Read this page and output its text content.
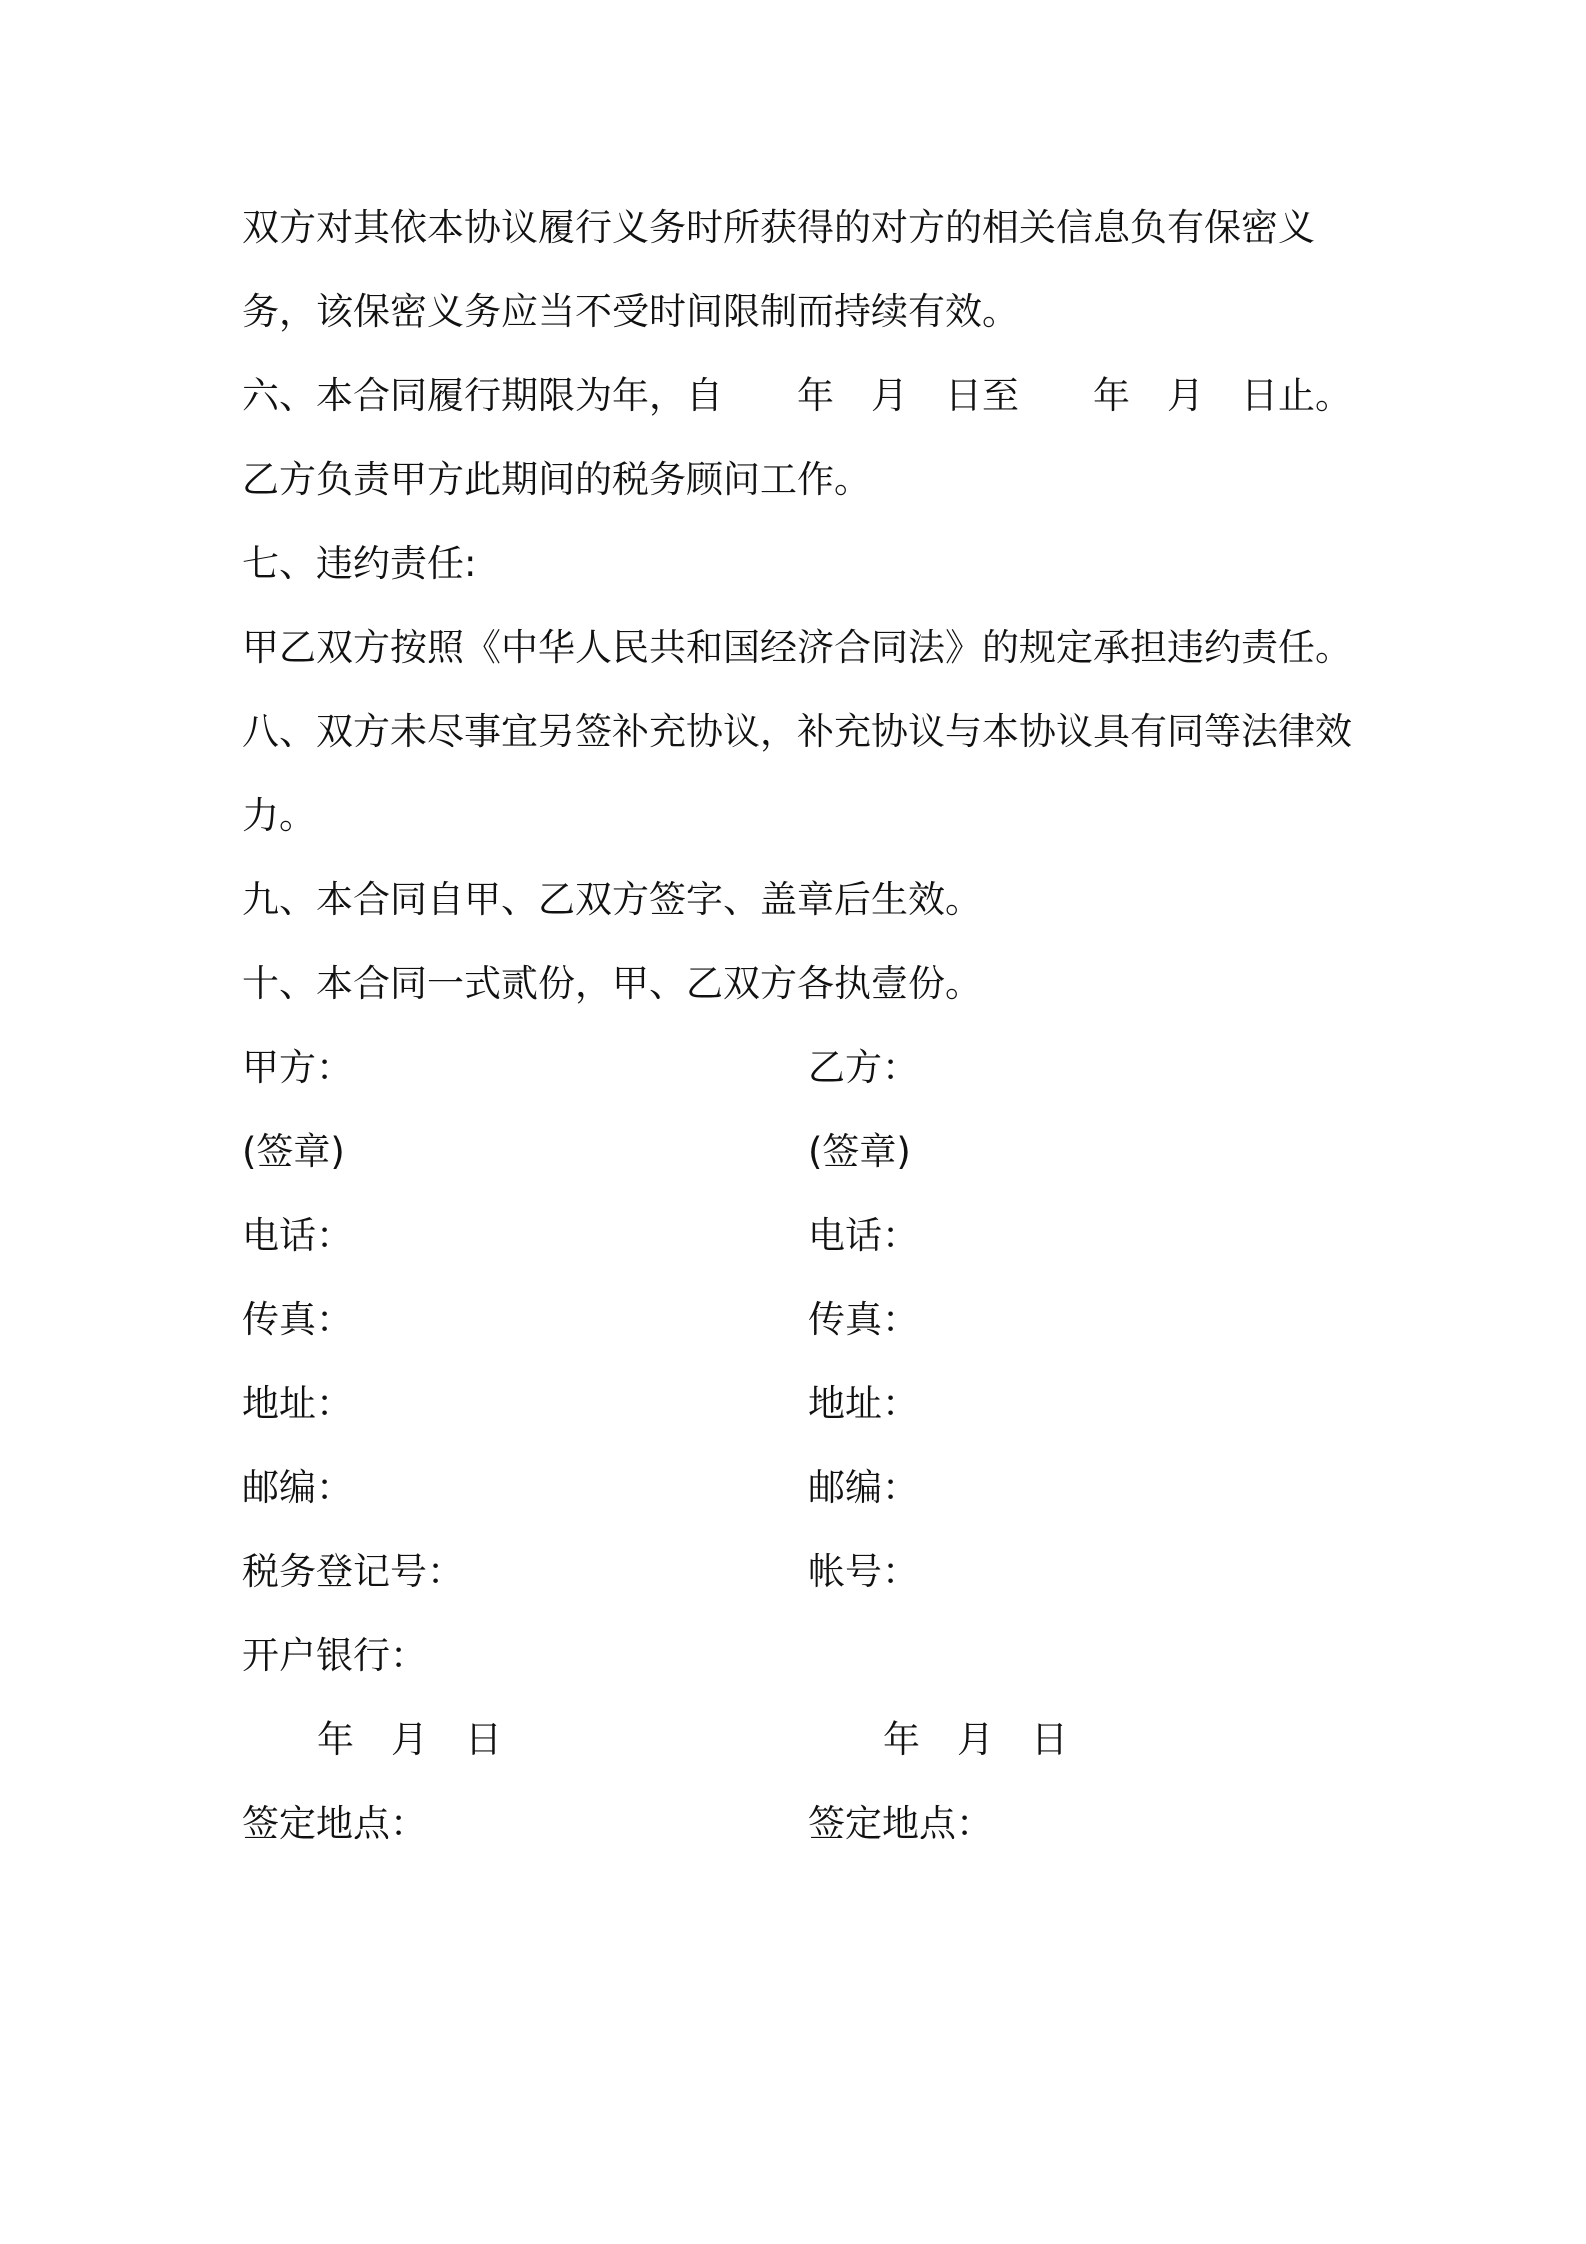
双方对其依本协议履行义务时所获得的对方的相关信息负有保密义
务，该保密义务应当不受时间限制而持续有效。
六、本合同履行期限为年，自　　年　月　日至　　年　月　日止。
乙方负责甲方此期间的税务顾问工作。
七、违约责任:
甲乙双方按照《中华人民共和国经济合同法》的规定承担违约责任。
八、双方未尽事宜另签补充协议，补充协议与本协议具有同等法律效
力。
九、本合同自甲、乙双方签字、盖章后生效。
十、本合同一式贰份，甲、乙双方各执壹份。
甲方：	乙方：
(签章)	(签章)
电话：	电话：
传真：	传真：
地址：	地址：
邮编：	邮编：
税务登记号：	帐号：
开户银行：
年　月　日	年　月　日
签定地点：	签定地点：
